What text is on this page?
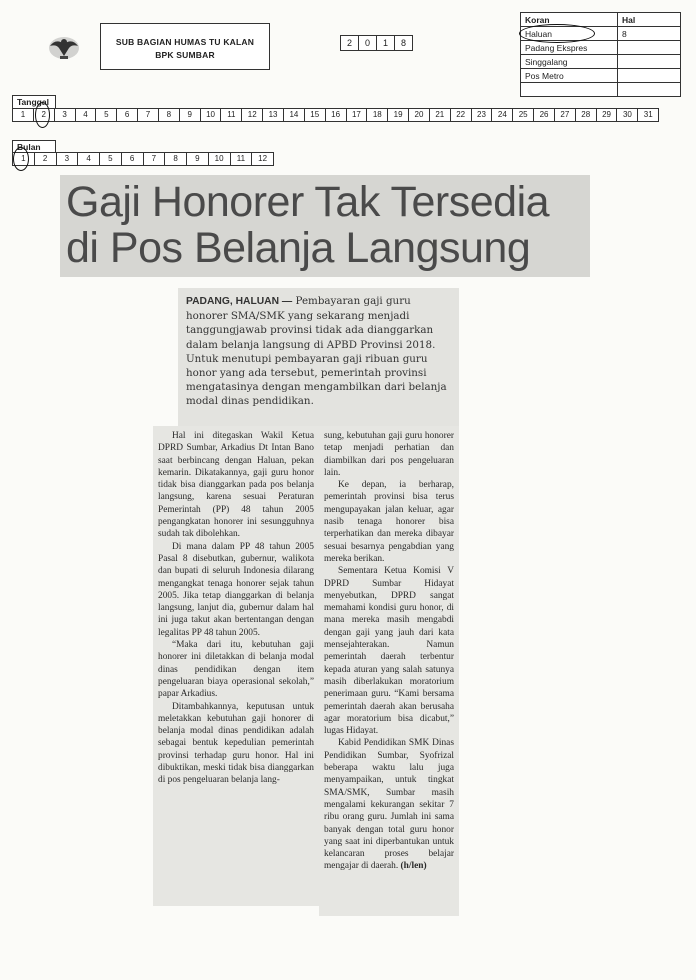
SUB BAGIAN HUMAS TU KALAN
BPK SUMBAR
2	0	1	8
Koran	Hal
Haluan	8
Padang Ekspres	
Singgalang	
Pos Metro	

Tanggal
1	2	3	4	5	6	7	8	9	10	11	12	13	14	15	16	17	18	19	20	21	22	23	24	25	26	27	28	29	30	31
Bulan
1	2	3	4	5	6	7	8	9	10	11	12
Gaji Honorer Tak Tersedia
di Pos Belanja Langsung
PADANG, HALUAN — Pembayaran gaji guru honorer SMA/SMK yang sekarang menjadi tanggungjawab provinsi tidak ada dianggarkan dalam belanja langsung di APBD Provinsi 2018. Untuk menutupi pembayaran gaji ribuan guru honor yang ada tersebut, pemerintah provinsi mengatasinya dengan mengambilkan dari belanja modal dinas pendidikan.

Hal ini ditegaskan Wakil Ketua DPRD Sumbar, Arkadius Dt Intan Bano saat berbincang dengan Haluan, pekan kemarin. Dikatakannya, gaji guru honor tidak bisa dianggarkan pada pos belanja langsung, karena sesuai Peraturan Pemerintah (PP) 48 tahun 2005 pengangkatan honorer ini sesungguhnya sudah tak dibolehkan.

Di mana dalam PP 48 tahun 2005 Pasal 8 disebutkan, gubernur, walikota dan bupati di seluruh Indonesia dilarang mengangkat tenaga honorer sejak tahun 2005. Jika tetap dianggarkan di belanja langsung, lanjut dia, gubernur dalam hal ini juga takut akan bertentangan dengan legalitas PP 48 tahun 2005.

“Maka dari itu, kebutuhan gaji honorer ini diletakkan di belanja modal dinas pendidikan dengan item pengeluaran biaya operasional sekolah,” papar Arkadius.

Ditambahkannya, keputusan untuk meletakkan kebutuhan gaji honorer di belanja modal dinas pendidikan adalah sebagai bentuk kepedulian pemerintah provinsi terhadap guru honor. Hal ini dibuktikan, meski tidak bisa dianggarkan di pos pengeluaran belanja lang-

sung, kebutuhan gaji guru honorer tetap menjadi perhatian dan diambilkan dari pos pengeluaran lain.

Ke depan, ia berharap, pemerintah provinsi bisa terus mengupayakan jalan keluar, agar nasib tenaga honorer bisa terperhatikan dan mereka dibayar sesuai besarnya pengabdian yang mereka berikan.

Sementara Ketua Komisi V DPRD Sumbar Hidayat menyebutkan, DPRD sangat memahami kondisi guru honor, di mana mereka masih mengabdi dengan gaji yang jauh dari kata mensejahterakan. Namun pemerintah daerah terbentur kepada aturan yang salah satunya masih diberlakukan moratorium penerimaan guru. “Kami bersama pemerintah daerah akan berusaha agar moratorium bisa dicabut,” lugas Hidayat.

Kabid Pendidikan SMK Dinas Pendidikan Sumbar, Syofrizal beberapa waktu lalu juga menyampaikan, untuk tingkat SMA/SMK, Sumbar masih mengalami kekurangan sekitar 7 ribu orang guru. Jumlah ini sama banyak dengan total guru honor yang saat ini diperbantukan untuk kelancaran proses belajar mengajar di daerah. (h/len)
